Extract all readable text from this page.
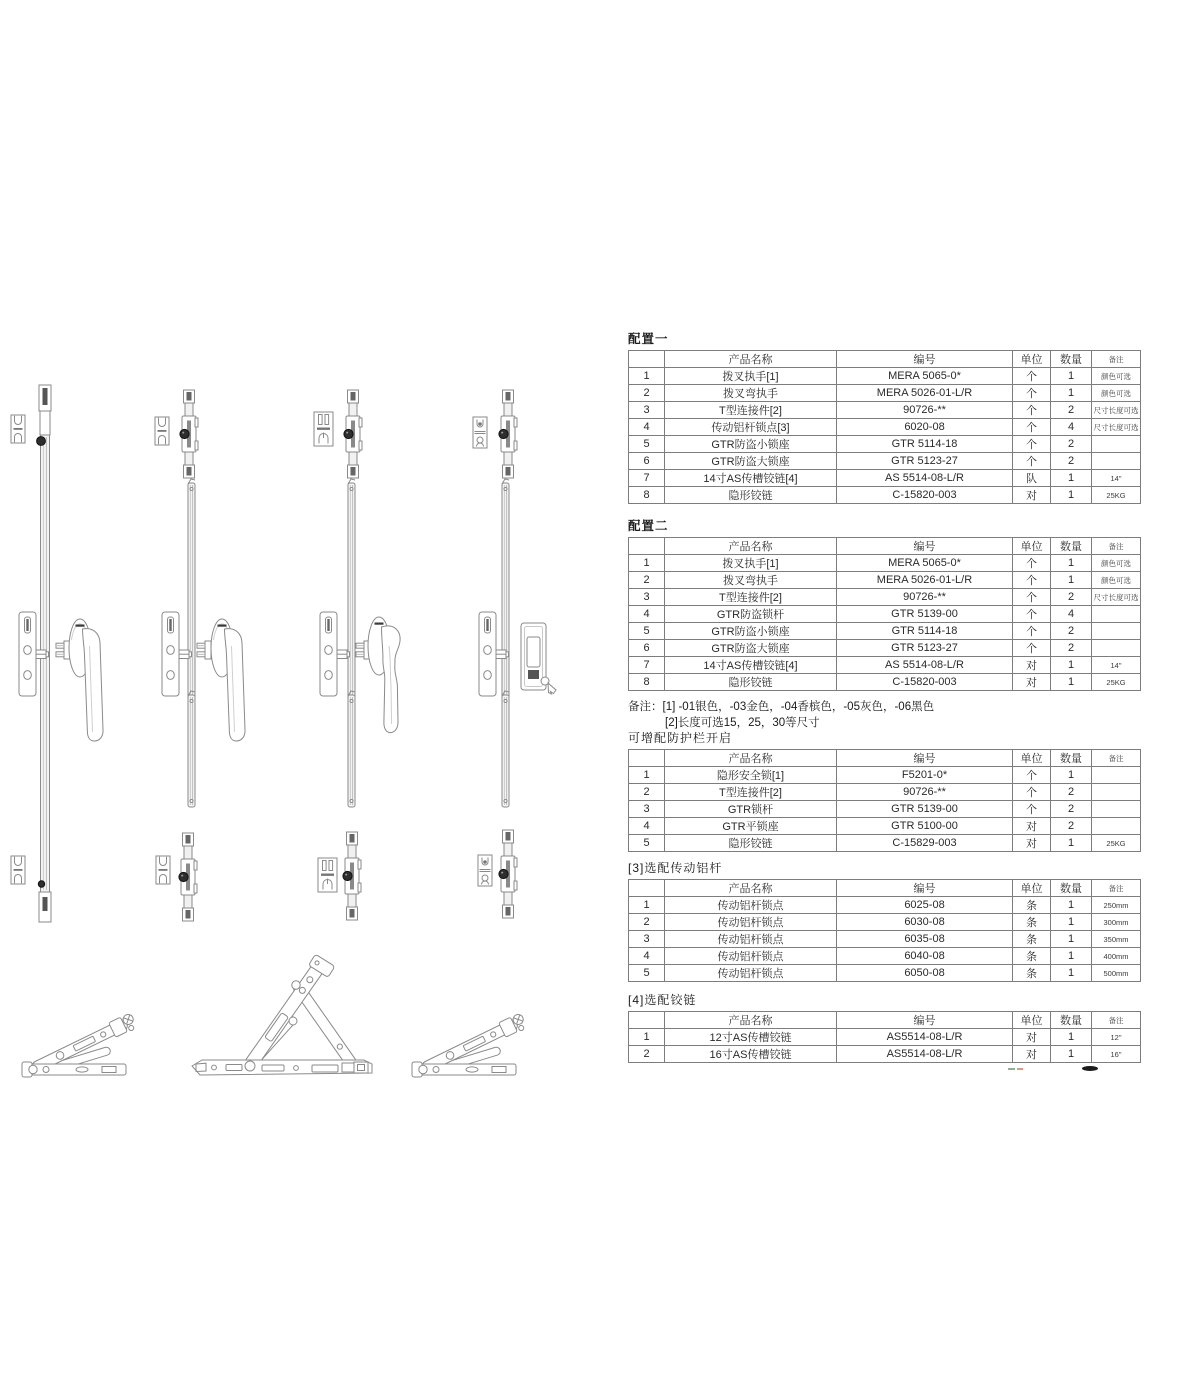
配置一
	产品名称	编号	单位	数量	备注
1	拨叉执手[1]	MERA 5065-0*	个	1	颜色可选
2	拨叉弯执手	MERA 5026-01-L/R	个	1	颜色可选
3	T型连接件[2]	90726-**	个	2	尺寸长度可选
4	传动铝杆锁点[3]	6020-08	个	4	尺寸长度可选
5	GTR防盗小锁座	GTR 5114-18	个	2	
6	GTR防盗大锁座	GTR 5123-27	个	2	
7	14寸AS传槽铰链[4]	AS 5514-08-L/R	队	1	14"
8	隐形铰链	C-15820-003	对	1	25KG
配置二
	产品名称	编号	单位	数量	备注
1	拨叉执手[1]	MERA 5065-0*	个	1	颜色可选
2	拨叉弯执手	MERA 5026-01-L/R	个	1	颜色可选
3	T型连接件[2]	90726-**	个	2	尺寸长度可选
4	GTR防盗锁杆	GTR 5139-00	个	4	
5	GTR防盗小锁座	GTR 5114-18	个	2	
6	GTR防盗大锁座	GTR 5123-27	个	2	
7	14寸AS传槽铰链[4]	AS 5514-08-L/R	对	1	14"
8	隐形铰链	C-15820-003	对	1	25KG
备注：[1] -01银色，-03金色，-04香槟色，-05灰色，-06黑色
[2]长度可选15，25，30等尺寸
可增配防护栏开启
	产品名称	编号	单位	数量	备注
1	隐形安全锁[1]	F5201-0*	个	1	
2	T型连接件[2]	90726-**	个	2	
3	GTR锁杆	GTR 5139-00	个	2	
4	GTR平锁座	GTR 5100-00	对	2	
5	隐形铰链	C-15829-003	对	1	25KG
[3]选配传动铝杆
	产品名称	编号	单位	数量	备注
1	传动铝杆锁点	6025-08	条	1	250mm
2	传动铝杆锁点	6030-08	条	1	300mm
3	传动铝杆锁点	6035-08	条	1	350mm
4	传动铝杆锁点	6040-08	条	1	400mm
5	传动铝杆锁点	6050-08	条	1	500mm
[4]选配铰链
	产品名称	编号	单位	数量	备注
1	12寸AS传槽铰链	AS5514-08-L/R	对	1	12"
2	16寸AS传槽铰链	AS5514-08-L/R	对	1	16"
